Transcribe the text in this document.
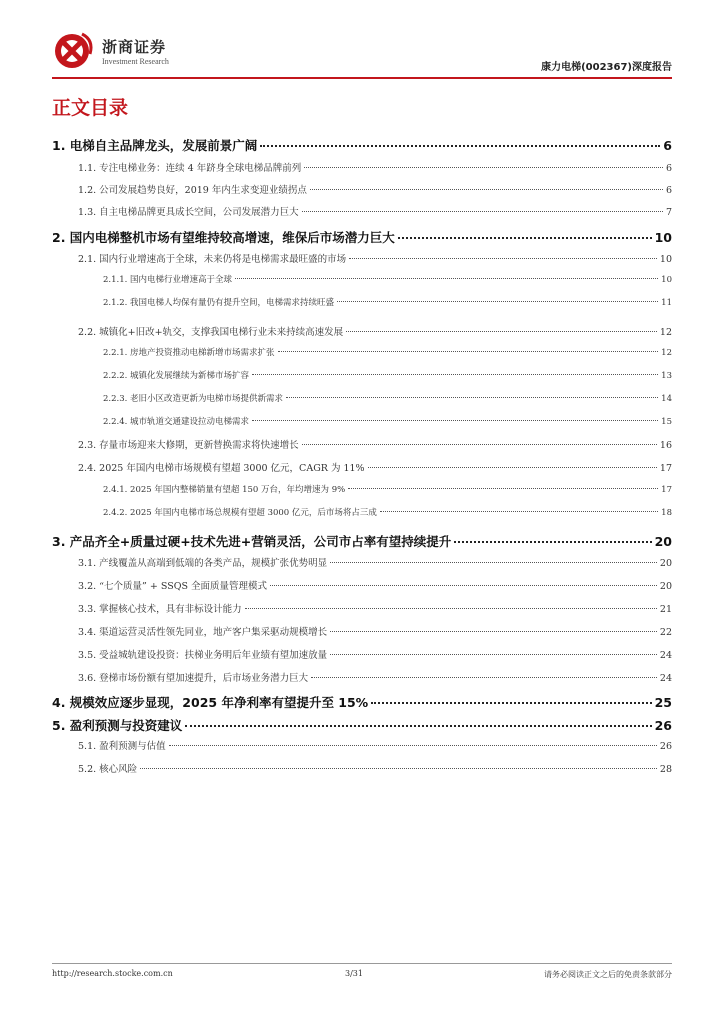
浙商证券
Investment Research
康力电梯(002367)深度报告
正文目录
1. 电梯自主品牌龙头，发展前景广阔	6
1.1. 专注电梯业务：连续 4 年跻身全球电梯品牌前列	6
1.2. 公司发展趋势良好，2019 年内生求变迎业绩拐点	6
1.3. 自主电梯品牌更具成长空间，公司发展潜力巨大	7
2. 国内电梯整机市场有望维持较高增速，维保后市场潜力巨大	10
2.1. 国内行业增速高于全球，未来仍将是电梯需求最旺盛的市场	10
2.1.1. 国内电梯行业增速高于全球	10
2.1.2. 我国电梯人均保有量仍有提升空间，电梯需求持续旺盛	11
2.2. 城镇化+旧改+轨交，支撑我国电梯行业未来持续高速发展	12
2.2.1. 房地产投资推动电梯新增市场需求扩张	12
2.2.2. 城镇化发展继续为新梯市场扩容	13
2.2.3. 老旧小区改造更新为电梯市场提供新需求	14
2.2.4. 城市轨道交通建设拉动电梯需求	15
2.3. 存量市场迎来大修期，更新替换需求将快速增长	16
2.4. 2025 年国内电梯市场规模有望超 3000 亿元，CAGR 为 11%	17
2.4.1. 2025 年国内整梯销量有望超 150 万台，年均增速为 9%	17
2.4.2. 2025 年国内电梯市场总规模有望超 3000 亿元，后市场将占三成	18
3. 产品齐全+质量过硬+技术先进+营销灵活，公司市占率有望持续提升	20
3.1. 产线覆盖从高端到低端的各类产品，规模扩张优势明显	20
3.2. “七个质量” + SSQS 全面质量管理模式	20
3.3. 掌握核心技术，具有非标设计能力	21
3.4. 渠道运营灵活性领先同业，地产客户集采驱动规模增长	22
3.5. 受益城轨建设投资：扶梯业务明后年业绩有望加速放量	24
3.6. 登梯市场份额有望加速提升，后市场业务潜力巨大	24
4. 规模效应逐步显现，2025 年净利率有望提升至 15%	25
5. 盈利预测与投资建议	26
5.1. 盈利预测与估值	26
5.2. 核心风险	28
http://research.stocke.com.cn	3/31	请务必阅读正文之后的免责条款部分
